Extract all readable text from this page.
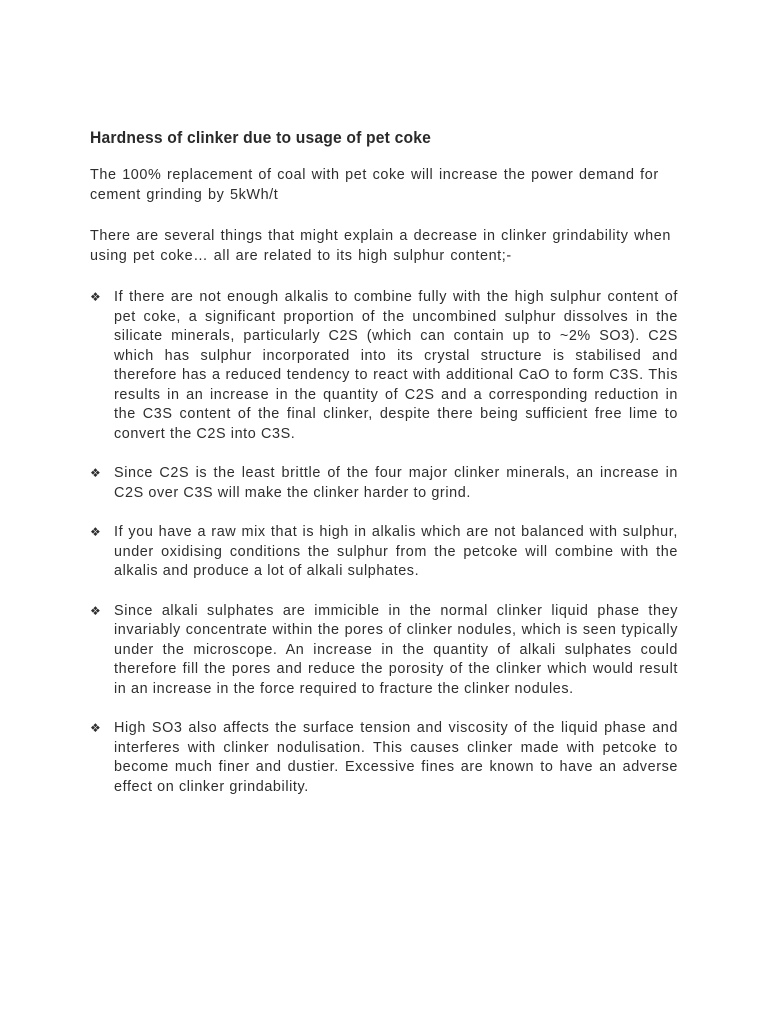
Hardness of clinker due to usage of pet coke

The 100% replacement of coal with pet coke will increase the power demand for cement grinding by 5kWh/t

There are several things that might explain a decrease in clinker grindability when using pet coke… all are related to its high sulphur content;-

❖ If there are not enough alkalis to combine fully with the high sulphur content of pet coke, a significant proportion of the uncombined sulphur dissolves in the silicate minerals, particularly C2S (which can contain up to ~2% SO3). C2S which has sulphur incorporated into its crystal structure is stabilised and therefore has a reduced tendency to react with additional CaO to form C3S. This results in an increase in the quantity of C2S and a corresponding reduction in the C3S content of the final clinker, despite there being sufficient free lime to convert the C2S into C3S.
❖ Since C2S is the least brittle of the four major clinker minerals, an increase in C2S over C3S will make the clinker harder to grind.
❖ If you have a raw mix that is high in alkalis which are not balanced with sulphur, under oxidising conditions the sulphur from the petcoke will combine with the alkalis and produce a lot of alkali sulphates.
❖ Since alkali sulphates are immicible in the normal clinker liquid phase they invariably concentrate within the pores of clinker nodules, which is seen typically under the microscope. An increase in the quantity of alkali sulphates could therefore fill the pores and reduce the porosity of the clinker which would result in an increase in the force required to fracture the clinker nodules.
❖ High SO3 also affects the surface tension and viscosity of the liquid phase and interferes with clinker nodulisation. This causes clinker made with petcoke to become much finer and dustier. Excessive fines are known to have an adverse effect on clinker grindability.
